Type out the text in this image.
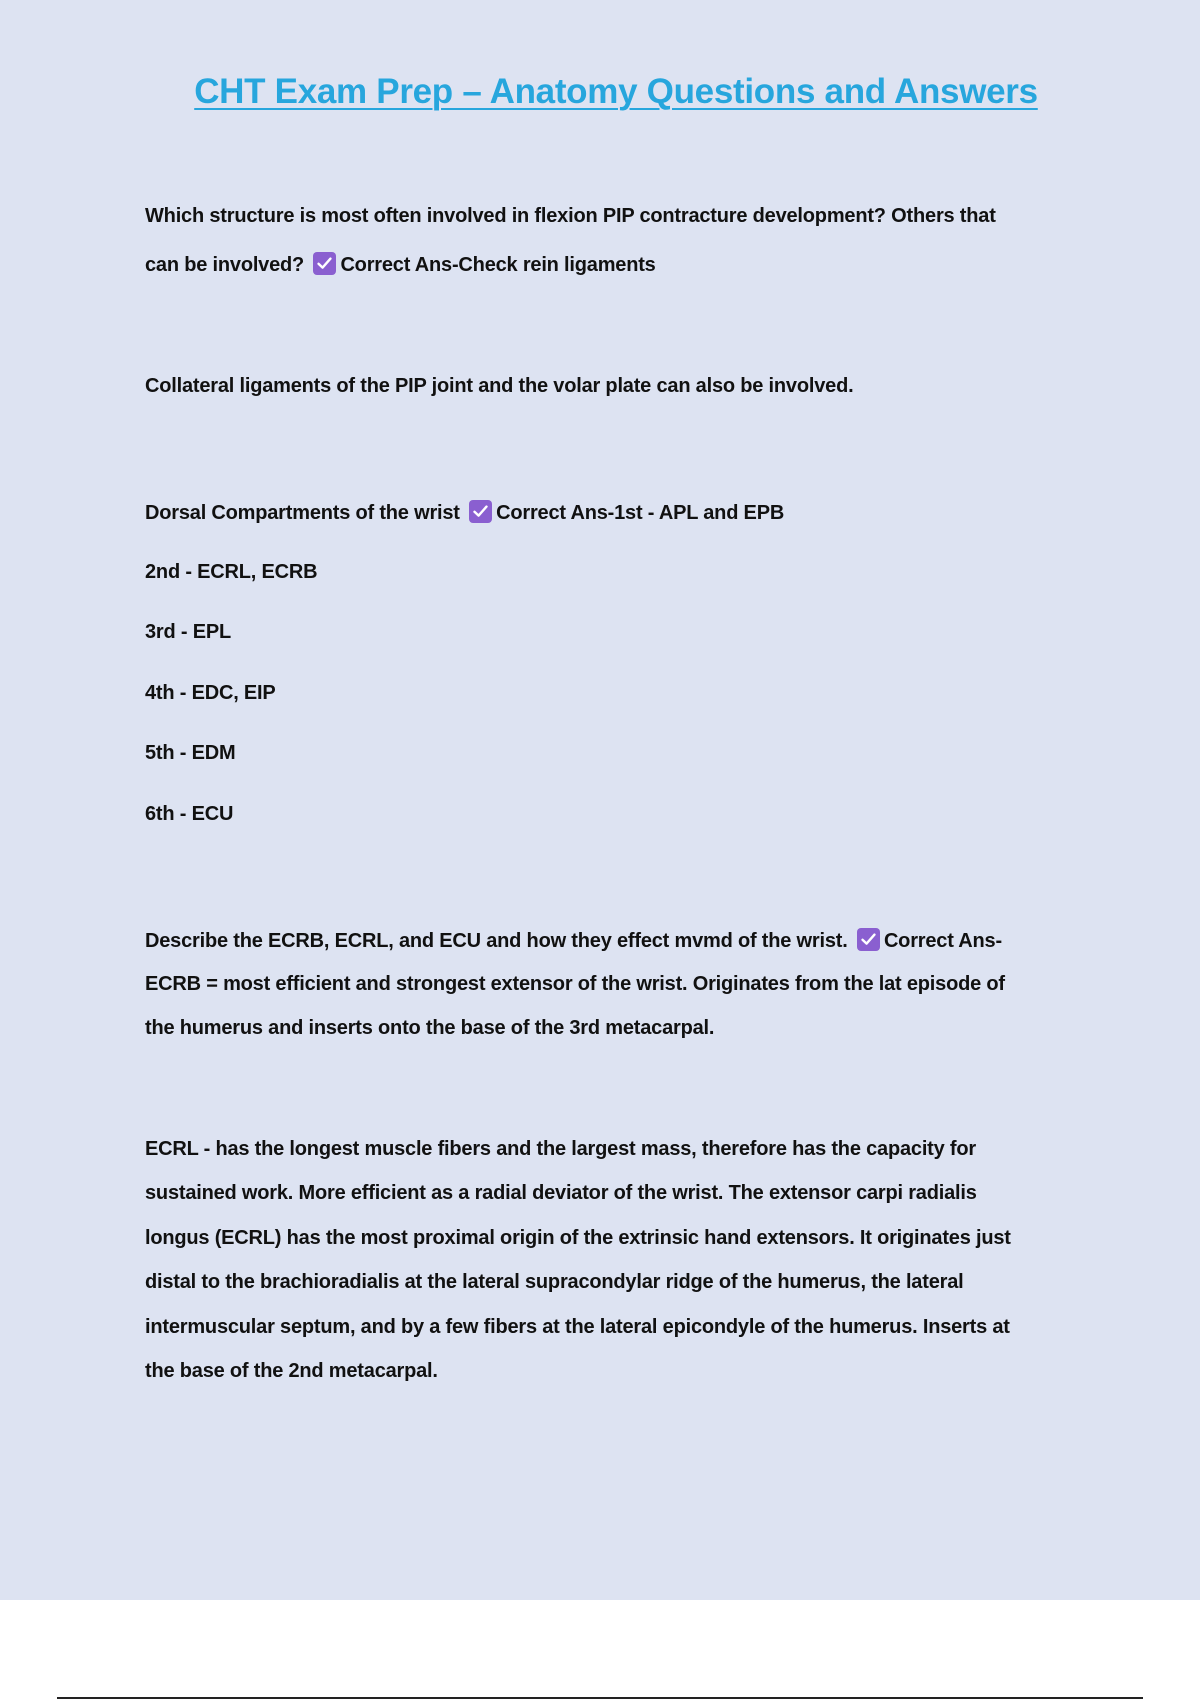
CHT Exam Prep – Anatomy Questions and Answers
Which structure is most often involved in flexion PIP contracture development? Others that
can be involved? Correct Ans-Check rein ligaments
Collateral ligaments of the PIP joint and the volar plate can also be involved.
Dorsal Compartments of the wrist Correct Ans-1st - APL and EPB
2nd - ECRL, ECRB
3rd - EPL
4th - EDC, EIP
5th - EDM
6th - ECU
Describe the ECRB, ECRL, and ECU and how they effect mvmd of the wrist. Correct Ans-
ECRB = most efficient and strongest extensor of the wrist. Originates from the lat episode of
the humerus and inserts onto the base of the 3rd metacarpal.
ECRL - has the longest muscle fibers and the largest mass, therefore has the capacity for
sustained work. More efficient as a radial deviator of the wrist. The extensor carpi radialis
longus (ECRL) has the most proximal origin of the extrinsic hand extensors. It originates just
distal to the brachioradialis at the lateral supracondylar ridge of the humerus, the lateral
intermuscular septum, and by a few fibers at the lateral epicondyle of the humerus. Inserts at
the base of the 2nd metacarpal.
